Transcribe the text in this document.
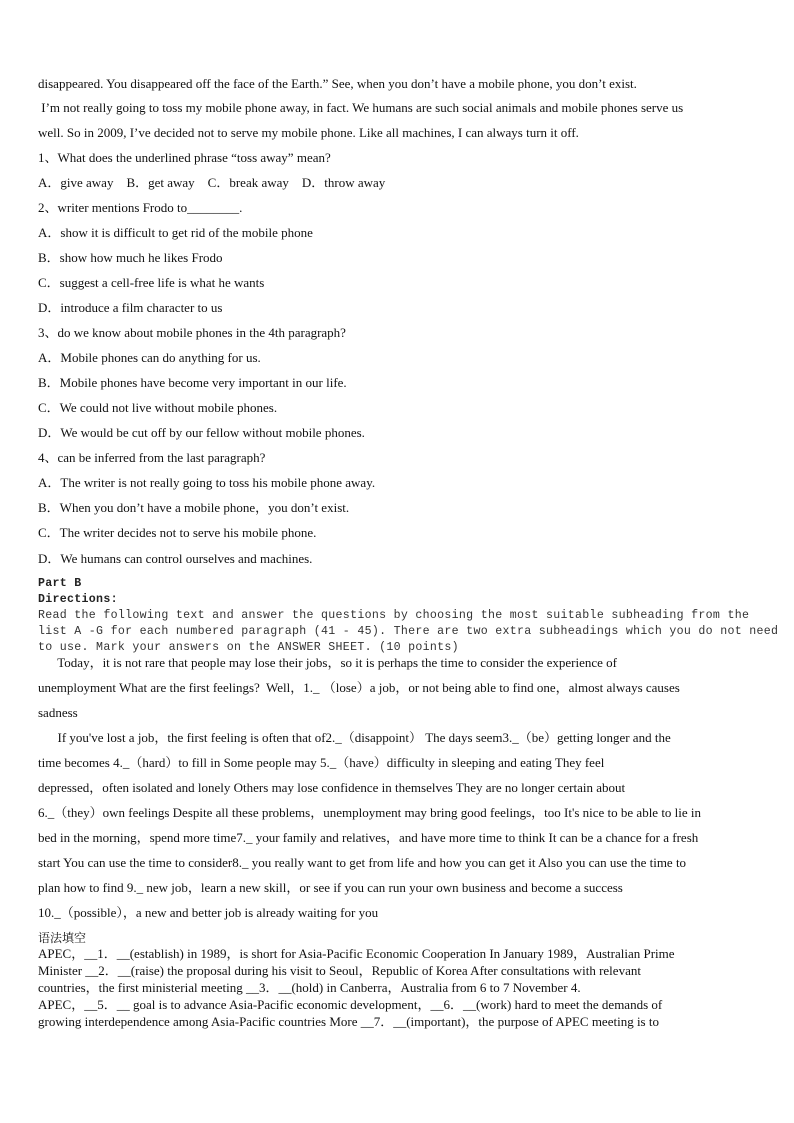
disappeared. You disappeared off the face of the Earth.” See, when you don’t have a mobile phone, you don’t exist.
I’m not really going to toss my mobile phone away, in fact. We humans are such social animals and mobile phones serve us
well. So in 2009, I’ve decided not to serve my mobile phone. Like all machines, I can always turn it off.
1、What does the underlined phrase “toss away” mean?
A．give away    B．get away    C．break away    D．throw away
2、writer mentions Frodo to________.
A．show it is difficult to get rid of the mobile phone
B．show how much he likes Frodo
C．suggest a cell-free life is what he wants
D．introduce a film character to us
3、do we know about mobile phones in the 4th paragraph?
A．Mobile phones can do anything for us.
B．Mobile phones have become very important in our life.
C．We could not live without mobile phones.
D．We would be cut off by our fellow without mobile phones.
4、can be inferred from the last paragraph?
A．The writer is not really going to toss his mobile phone away.
B．When you don’t have a mobile phone，you don’t exist.
C．The writer decides not to serve his mobile phone.
D．We humans can control ourselves and machines.
Part B
Directions:
Read the following text and answer the questions by choosing the most suitable subheading from the
list A -G for each numbered paragraph (41 - 45). There are two extra subheadings which you do not need
to use. Mark your answers on the ANSWER SHEET. (10 points)
Today，it is not rare that people may lose their jobs，so it is perhaps the time to consider the experience of
unemployment What are the first feelings?  Well，1._ （lose）a job，or not being able to find one，almost always causes
sadness
If you've lost a job，the first feeling is often that of2._（disappoint） The days seem3._（be）getting longer and the
time becomes 4._（hard）to fill in Some people may 5._（have）difficulty in sleeping and eating They feel
depressed，often isolated and lonely Others may lose confidence in themselves They are no longer certain about
6._（they）own feelings Despite all these problems，unemployment may bring good feelings，too It's nice to be able to lie in
bed in the morning，spend more time7._ your family and relatives，and have more time to think It can be a chance for a fresh
start You can use the time to consider8._ you really want to get from life and how you can get it Also you can use the time to
plan how to find 9._ new job，learn a new skill，or see if you can run your own business and become a success
10._（possible），a new and better job is already waiting for you
语法填空
APEC，__1．__(establish) in 1989，is short for Asia-Pacific Economic Cooperation In January 1989，Australian Prime
Minister __2．__(raise) the proposal during his visit to Seoul，Republic of Korea After consultations with relevant
countries，the first ministerial meeting __3．__(hold) in Canberra，Australia from 6 to 7 November 4.
APEC，__5．__ goal is to advance Asia-Pacific economic development，__6．__(work) hard to meet the demands of
growing interdependence among Asia-Pacific countries More __7．__(important)，the purpose of APEC meeting is to
